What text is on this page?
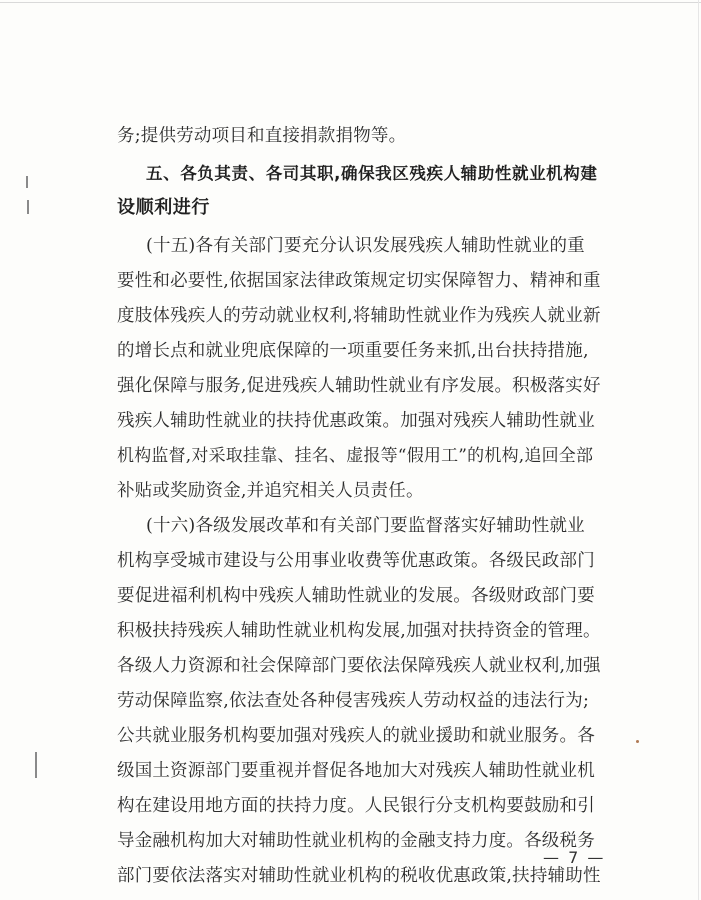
务;提供劳动项目和直接捐款捐物等。
五、各负其责、各司其职,确保我区残疾人辅助性就业机构建
设顺利进行
(十五)各有关部门要充分认识发展残疾人辅助性就业的重
要性和必要性,依据国家法律政策规定切实保障智力、精神和重
度肢体残疾人的劳动就业权利,将辅助性就业作为残疾人就业新
的增长点和就业兜底保障的一项重要任务来抓,出台扶持措施,
强化保障与服务,促进残疾人辅助性就业有序发展。积极落实好
残疾人辅助性就业的扶持优惠政策。加强对残疾人辅助性就业
机构监督,对采取挂靠、挂名、虚报等“假用工”的机构,追回全部
补贴或奖励资金,并追究相关人员责任。
(十六)各级发展改革和有关部门要监督落实好辅助性就业
机构享受城市建设与公用事业收费等优惠政策。各级民政部门
要促进福利机构中残疾人辅助性就业的发展。各级财政部门要
积极扶持残疾人辅助性就业机构发展,加强对扶持资金的管理。
各级人力资源和社会保障部门要依法保障残疾人就业权利,加强
劳动保障监察,依法查处各种侵害残疾人劳动权益的违法行为;
公共就业服务机构要加强对残疾人的就业援助和就业服务。各
级国土资源部门要重视并督促各地加大对残疾人辅助性就业机
构在建设用地方面的扶持力度。人民银行分支机构要鼓励和引
导金融机构加大对辅助性就业机构的金融支持力度。各级税务
部门要依法落实对辅助性就业机构的税收优惠政策,扶持辅助性
— 7 —
